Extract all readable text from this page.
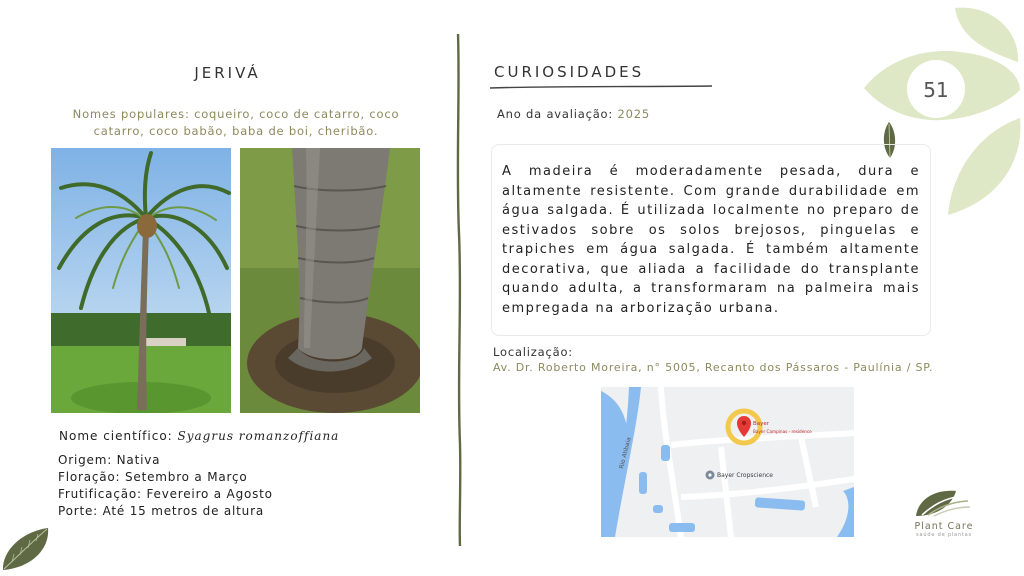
51
JERIVÁ
Nomes populares: coqueiro, coco de catarro, coco catarro, coco babão, baba de boi, cheribão.
Nome científico: Syagrus romanzoffiana
Origem: Nativa
Floração: Setembro a Março
Frutificação: Fevereiro a Agosto
Porte: Até 15 metros de altura
CURIOSIDADES
Ano da avaliação: 2025

A madeira é moderadamente pesada, dura e altamente resistente. Com grande durabilidade em água salgada. É utilizada localmente no preparo de estivados sobre os solos brejosos, pinguelas e trapiches em água salgada. É também altamente decorativa, que aliada a facilidade do transplante quando adulta, a transformaram na palmeira mais empregada na arborização urbana.

Localização:
Av. Dr. Roberto Moreira, n° 5005, Recanto dos Pássaros - Paulínia / SP.
Rio Atibaia
Bayer
Bayer Campinas - residence
Bayer Cropscience
Plant Care
saúde de plantas
